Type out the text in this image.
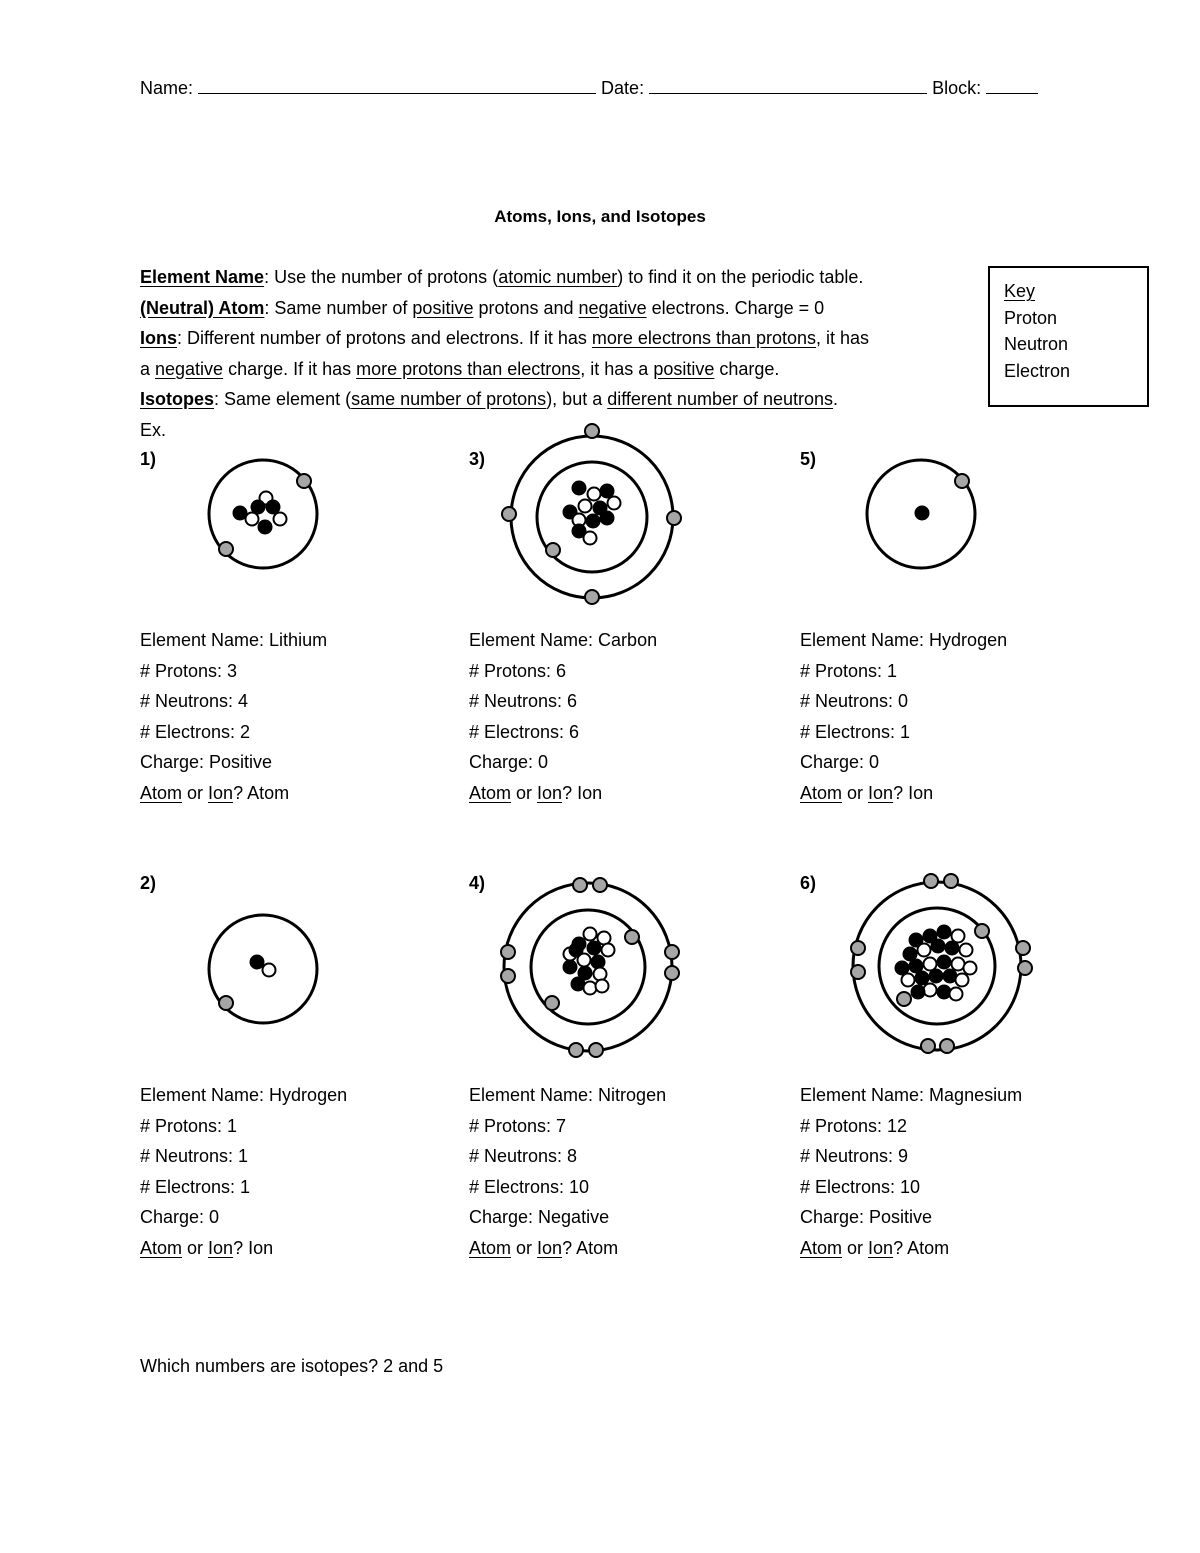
Name:	Date:	Block:
Atoms, Ions, and Isotopes
Element Name: Use the number of protons (atomic number) to find it on the periodic table.
(Neutral) Atom: Same number of positive protons and negative electrons. Charge = 0
Ions: Different number of protons and electrons. If it has more electrons than protons, it has
a negative charge. If it has more protons than electrons, it has a positive charge.
Isotopes: Same element (same number of protons), but a different number of neutrons.
Ex.
Key
Proton
Neutron
Electron
1)	3)	5)
2)	4)	6)
Element Name: Lithium
# Protons: 3
# Neutrons: 4
# Electrons: 2
Charge: Positive
Atom or Ion? Atom
Element Name: Carbon
# Protons: 6
# Neutrons: 6
# Electrons: 6
Charge: 0
Atom or Ion? Ion
Element Name: Hydrogen
# Protons: 1
# Neutrons: 0
# Electrons: 1
Charge: 0
Atom or Ion? Ion
Element Name: Hydrogen
# Protons: 1
# Neutrons: 1
# Electrons: 1
Charge: 0
Atom or Ion? Ion
Element Name: Nitrogen
# Protons: 7
# Neutrons: 8
# Electrons: 10
Charge: Negative
Atom or Ion? Atom
Element Name: Magnesium
# Protons: 12
# Neutrons: 9
# Electrons: 10
Charge: Positive
Atom or Ion? Atom
Which numbers are isotopes? 2 and 5
